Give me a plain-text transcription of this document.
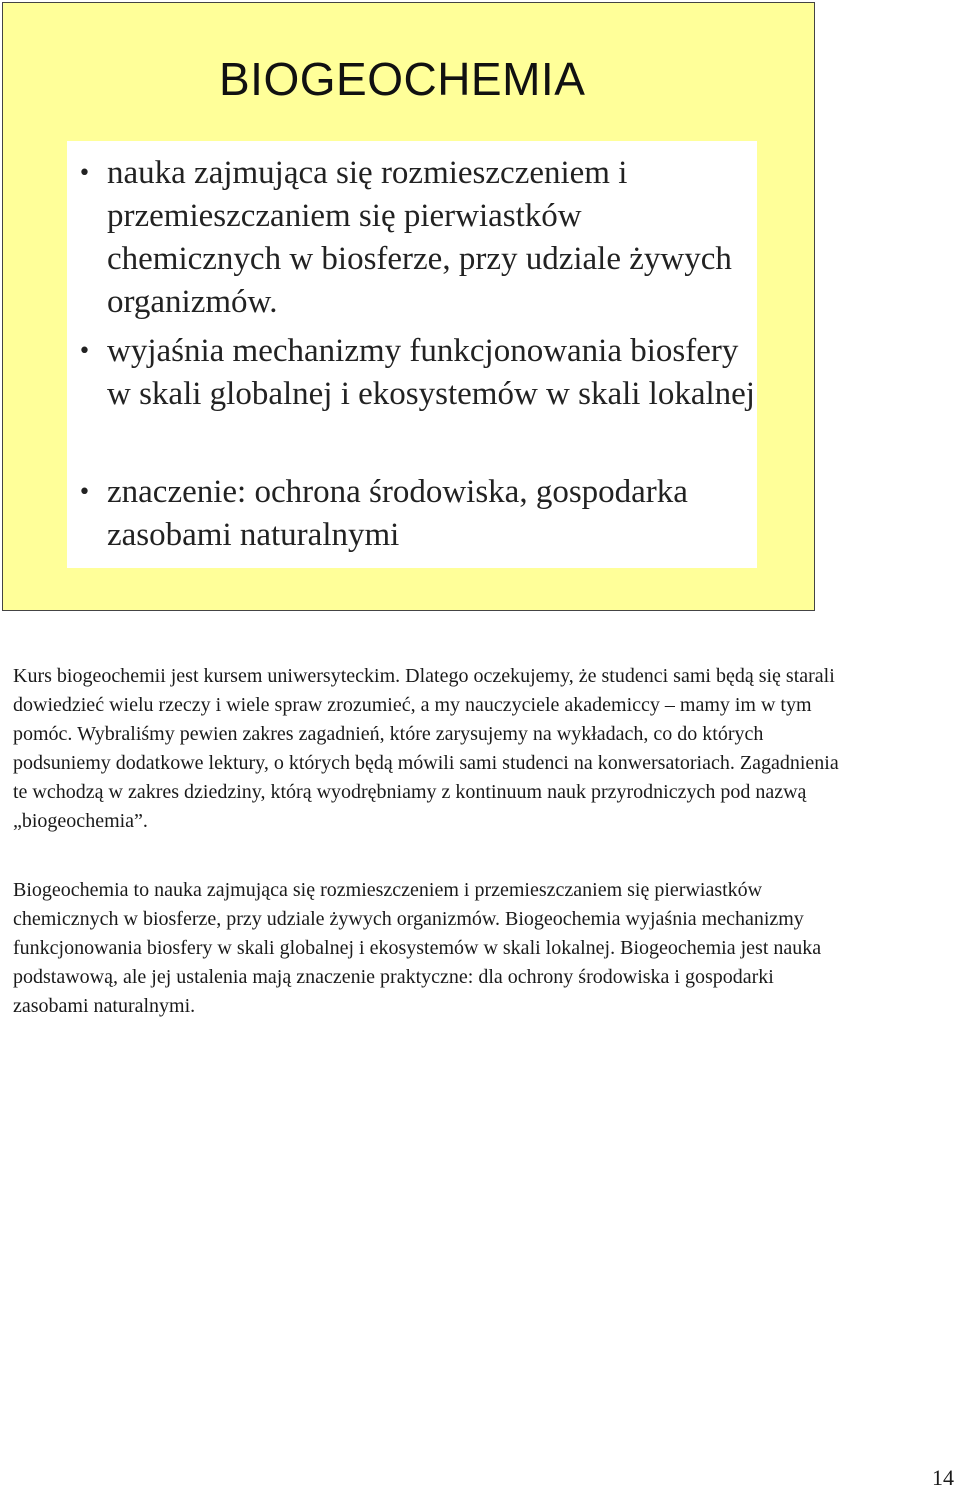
BIOGEOCHEMIA
• nauka zajmująca się rozmieszczeniem i przemieszczaniem się pierwiastków chemicznych w biosferze, przy udziale żywych organizmów.
• wyjaśnia mechanizmy funkcjonowania biosfery w skali globalnej i ekosystemów w skali lokalnej
• znaczenie: ochrona środowiska, gospodarka zasobami naturalnymi

Kurs biogeochemii jest kursem uniwersyteckim. Dlatego oczekujemy, że studenci sami będą się starali dowiedzieć wielu rzeczy i wiele spraw zrozumieć, a my nauczyciele akademiccy – mamy im w tym pomóc. Wybraliśmy pewien zakres zagadnień, które zarysujemy na wykładach, co do których podsuniemy dodatkowe lektury, o których będą mówili sami studenci na konwersatoriach. Zagadnienia te wchodzą w zakres dziedziny, którą wyodrębniamy z kontinuum nauk przyrodniczych pod nazwą „biogeochemia”.

Biogeochemia to nauka zajmująca się rozmieszczeniem i przemieszczaniem się pierwiastków chemicznych w biosferze, przy udziale żywych organizmów. Biogeochemia wyjaśnia mechanizmy funkcjonowania biosfery w skali globalnej i ekosystemów w skali lokalnej. Biogeochemia jest nauka podstawową, ale jej ustalenia mają znaczenie praktyczne: dla ochrony środowiska i gospodarki zasobami naturalnymi.

14
